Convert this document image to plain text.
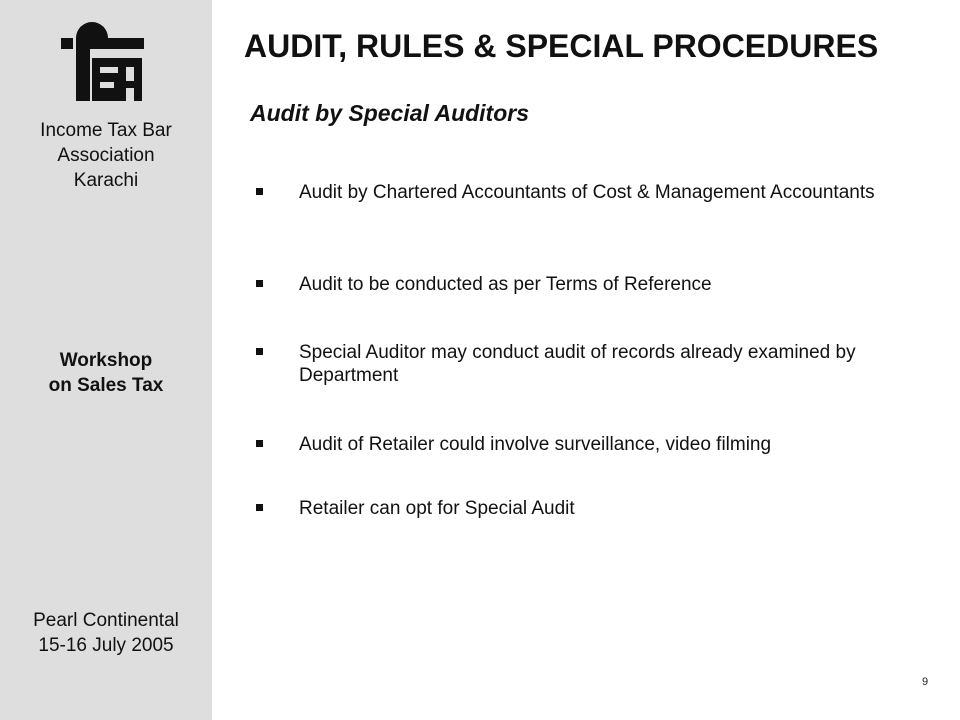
Income Tax Bar
Association
Karachi
Workshop
on Sales Tax
Pearl Continental
15-16 July 2005
AUDIT, RULES & SPECIAL PROCEDURES
Audit by Special Auditors
Audit by Chartered Accountants of Cost & Management Accountants
Audit to be conducted as per Terms of Reference
Special Auditor may conduct audit of records already examined by Department
Audit of Retailer could involve surveillance, video filming
Retailer can opt for Special Audit
9
